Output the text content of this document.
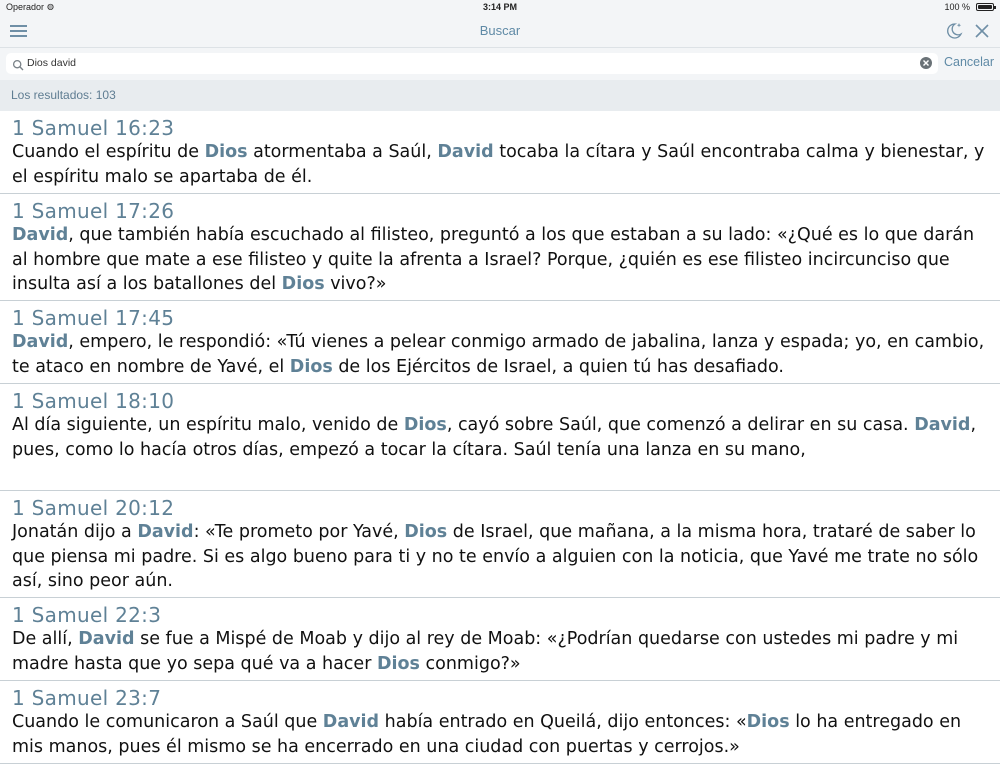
Operador ◍	3:14 PM	100 %
Buscar
Dios david	Cancelar
Los resultados: 103
1 Samuel 16:23
Cuando el espíritu de Dios atormentaba a Saúl, David tocaba la cítara y Saúl encontraba calma y bienestar, y el espíritu malo se apartaba de él.
1 Samuel 17:26
David, que también había escuchado al filisteo, preguntó a los que estaban a su lado: «¿Qué es lo que darán al hombre que mate a ese filisteo y quite la afrenta a Israel? Porque, ¿quién es ese filisteo incircunciso que insulta así a los batallones del Dios vivo?»
1 Samuel 17:45
David, empero, le respondió: «Tú vienes a pelear conmigo armado de jabalina, lanza y espada; yo, en cambio, te ataco en nombre de Yavé, el Dios de los Ejércitos de Israel, a quien tú has desafiado.
1 Samuel 18:10
Al día siguiente, un espíritu malo, venido de Dios, cayó sobre Saúl, que comenzó a delirar en su casa. David, pues, como lo hacía otros días, empezó a tocar la cítara. Saúl tenía una lanza en su mano,
1 Samuel 20:12
Jonatán dijo a David: «Te prometo por Yavé, Dios de Israel, que mañana, a la misma hora, trataré de saber lo que piensa mi padre. Si es algo bueno para ti y no te envío a alguien con la noticia, que Yavé me trate no sólo así, sino peor aún.
1 Samuel 22:3
De allí, David se fue a Mispé de Moab y dijo al rey de Moab: «¿Podrían quedarse con ustedes mi padre y mi madre hasta que yo sepa qué va a hacer Dios conmigo?»
1 Samuel 23:7
Cuando le comunicaron a Saúl que David había entrado en Queilá, dijo entonces: «Dios lo ha entregado en mis manos, pues él mismo se ha encerrado en una ciudad con puertas y cerrojos.»
